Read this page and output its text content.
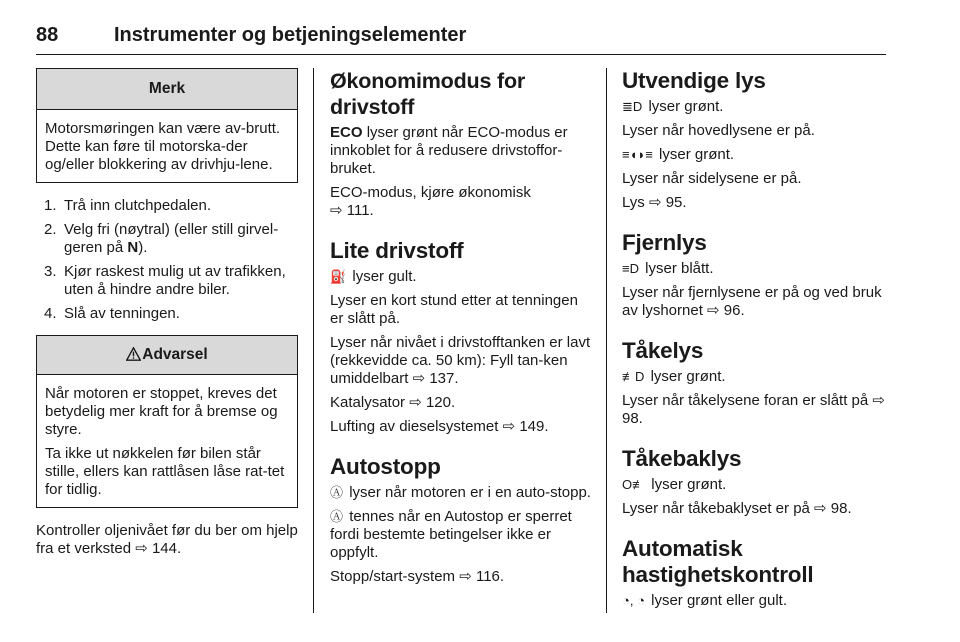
88	Instrumenter og betjeningselementer
Merk

Motorsmøringen kan være av-brutt. Dette kan føre til motorska-der og/eller blokkering av drivhju-lene.

1. Trå inn clutchpedalen.
2. Velg fri (nøytral) (eller still girvel-geren på N).
3. Kjør raskest mulig ut av trafikken, uten å hindre andre biler.
4. Slå av tenningen.
Advarsel

Når motoren er stoppet, kreves det betydelig mer kraft for å bremse og styre.

Ta ikke ut nøkkelen før bilen står stille, ellers kan rattlåsen låse rat-tet for tidlig.

Kontroller oljenivået før du ber om hjelp fra et verksted ⇨ 144.

Økonomimodus for drivstoff

ECO lyser grønt når ECO-modus er innkoblet for å redusere drivstoffor-bruket.

ECO-modus, kjøre økonomisk
⇨ 111.

Lite drivstoff

⛽ lyser gult.

Lyser en kort stund etter at tenningen er slått på.

Lyser når nivået i drivstofftanken er lavt (rekkevidde ca. 50 km): Fyll tan-ken umiddelbart ⇨ 137.

Katalysator ⇨ 120.

Lufting av dieselsystemet ⇨ 149.

Autostopp

Ⓐ lyser når motoren er i en auto-stopp.

Ⓐ tennes når en Autostop er sperret fordi bestemte betingelser ikke er oppfylt.

Stopp/start-system ⇨ 116.

Utvendige lys

≣D lyser grønt.

Lyser når hovedlysene er på.

≡◖◗≡ lyser grønt.

Lyser når sidelysene er på.

Lys ⇨ 95.

Fjernlys

≡D lyser blått.

Lyser når fjernlysene er på og ved bruk av lyshornet ⇨ 96.

Tåkelys

≢D lyser grønt.

Lyser når tåkelysene foran er slått på ⇨ 98.

Tåkebaklys

O≢ lyser grønt.

Lyser når tåkebaklyset er på ⇨ 98.

Automatisk
hastighetskontroll

◔, ◔ lyser grønt eller gult.
